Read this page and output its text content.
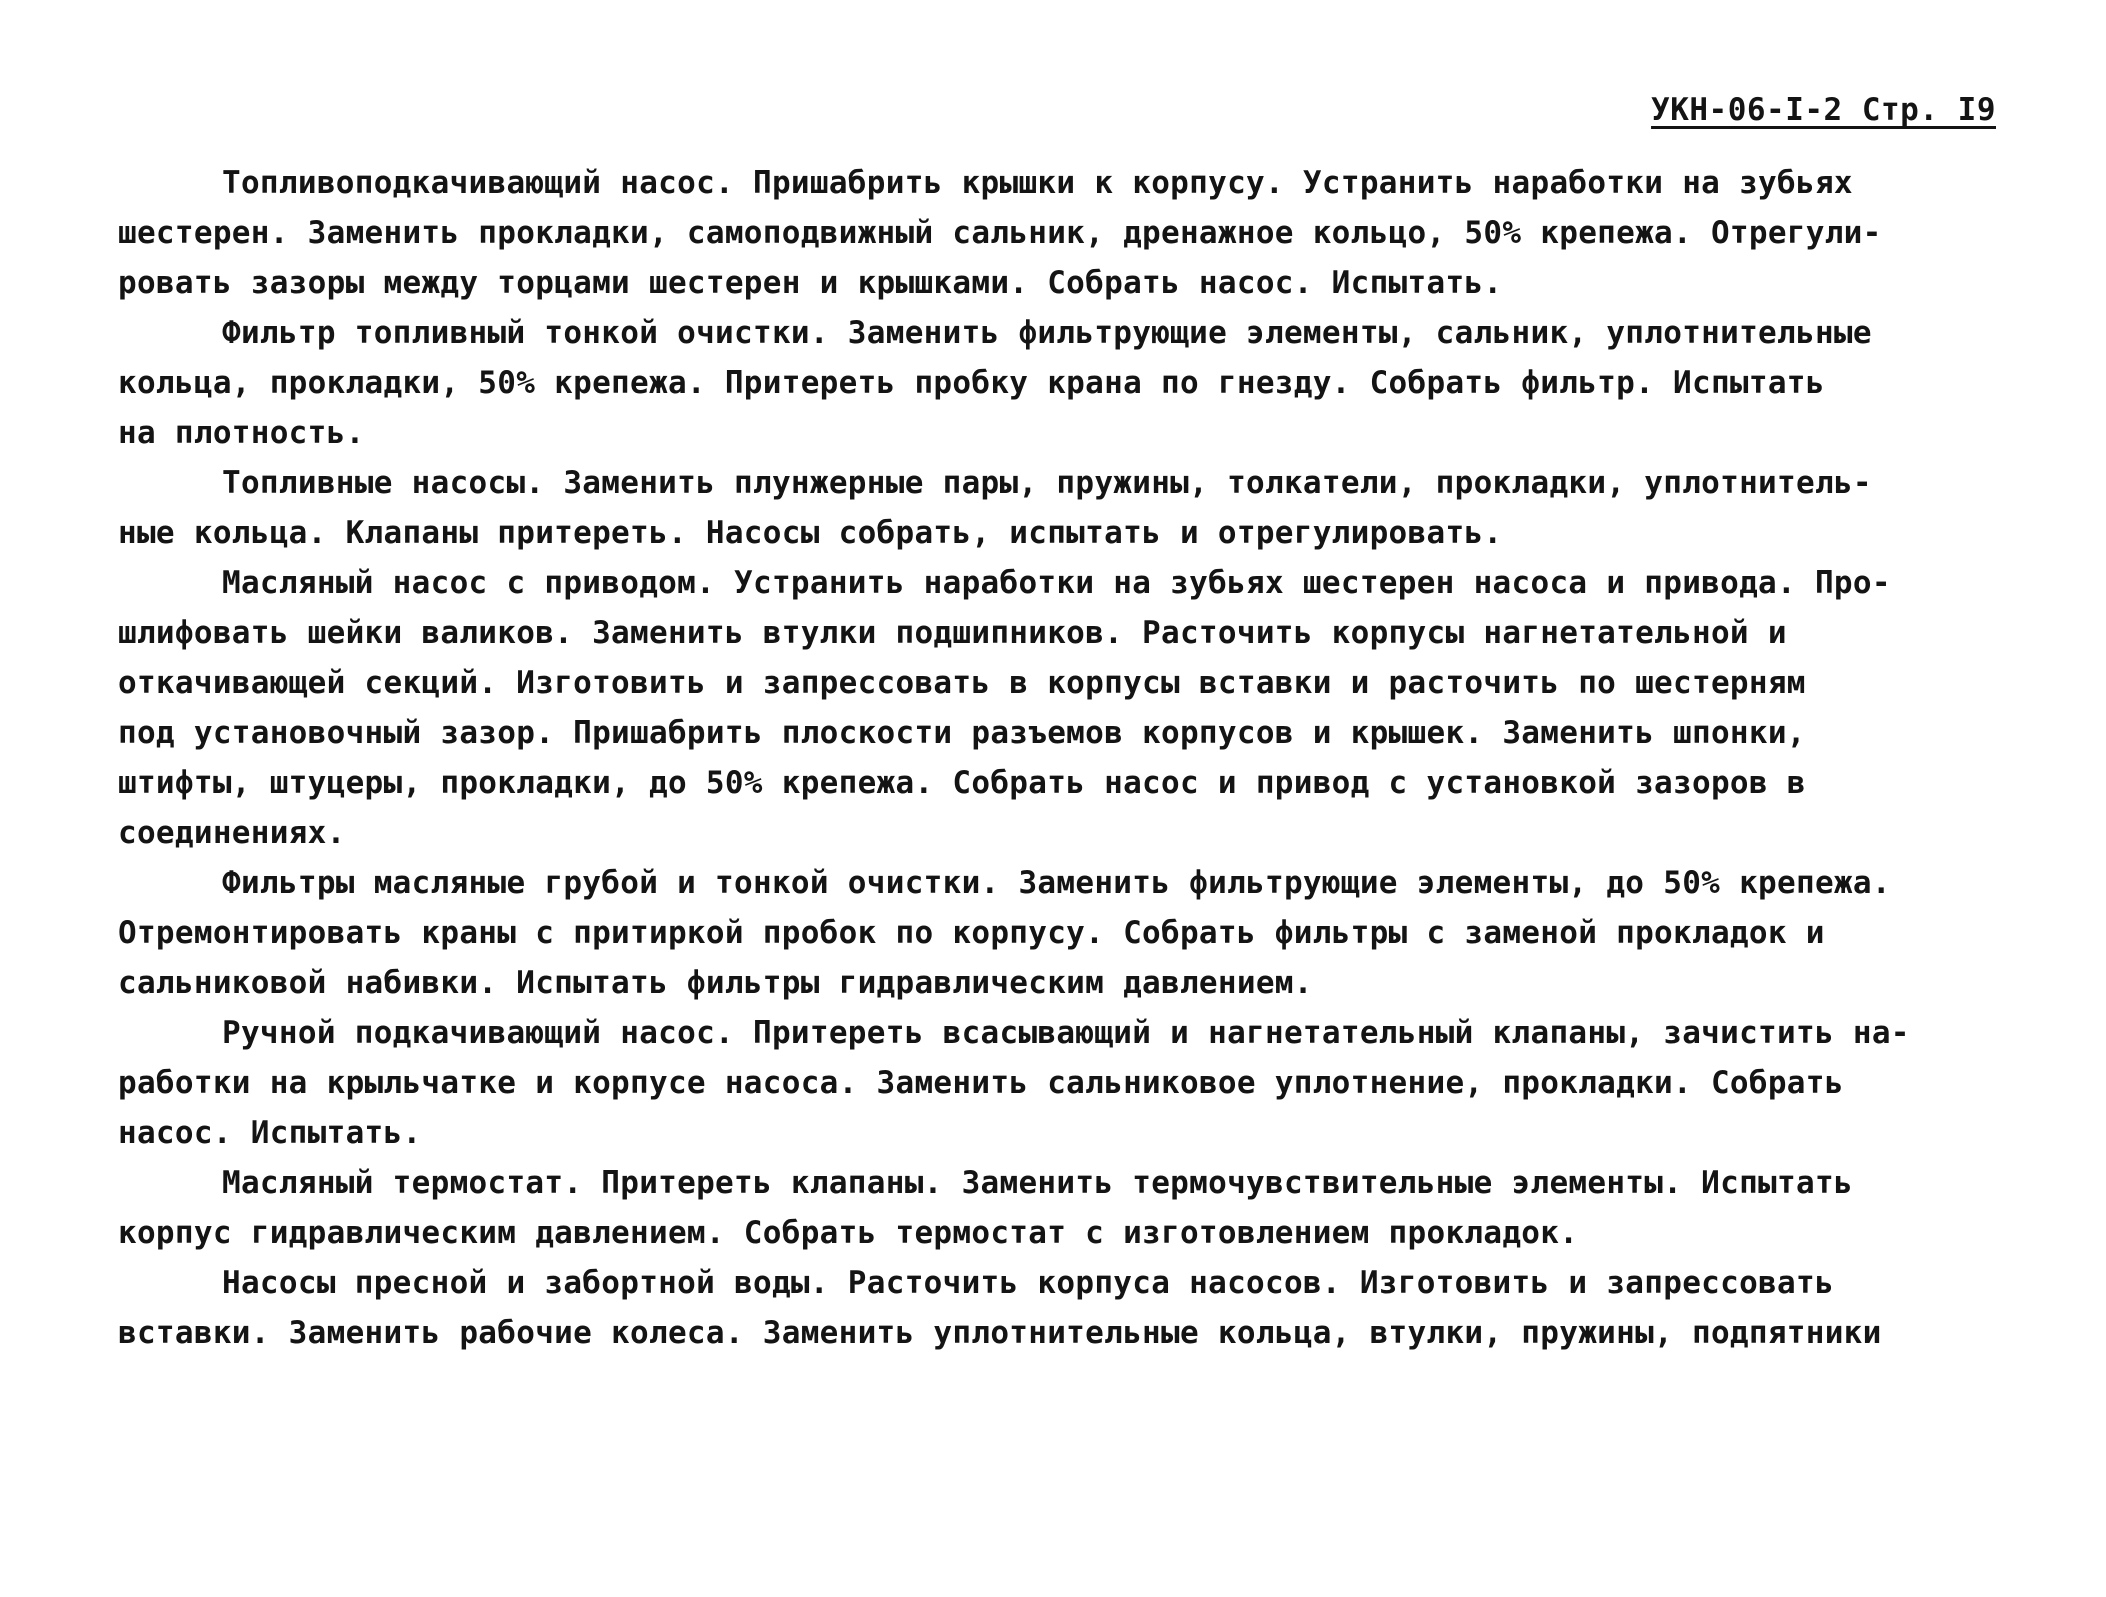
УКН-06-I-2 Стр. I9
Топливоподкачивающий насос. Пришабрить крышки к корпусу. Устранить наработки на зубьях
шестерен. Заменить прокладки, самоподвижный сальник, дренажное кольцо, 50% крепежа. Отрегули-
ровать зазоры между торцами шестерен и крышками. Собрать насос. Испытать.
Фильтр топливный тонкой очистки. Заменить фильтрующие элементы, сальник, уплотнительные
кольца, прокладки, 50% крепежа. Притереть пробку крана по гнезду. Собрать фильтр. Испытать
на плотность.
Топливные насосы. Заменить плунжерные пары, пружины, толкатели, прокладки, уплотнитель-
ные кольца. Клапаны притереть. Насосы собрать, испытать и отрегулировать.
Масляный насос с приводом. Устранить наработки на зубьях шестерен насоса и привода. Про-
шлифовать шейки валиков. Заменить втулки подшипников. Расточить корпусы нагнетательной и
откачивающей секций. Изготовить и запрессовать в корпусы вставки и расточить по шестерням
под установочный зазор. Пришабрить плоскости разъемов корпусов и крышек. Заменить шпонки,
штифты, штуцеры, прокладки, до 50% крепежа. Собрать насос и привод с установкой зазоров в
соединениях.
Фильтры масляные грубой и тонкой очистки. Заменить фильтрующие элементы, до 50% крепежа.
Отремонтировать краны с притиркой пробок по корпусу. Собрать фильтры с заменой прокладок и
сальниковой набивки. Испытать фильтры гидравлическим давлением.
Ручной подкачивающий насос. Притереть всасывающий и нагнетательный клапаны, зачистить на-
работки на крыльчатке и корпусе насоса. Заменить сальниковое уплотнение, прокладки. Собрать
насос. Испытать.
Масляный термостат. Притереть клапаны. Заменить термочувствительные элементы. Испытать
корпус гидравлическим давлением. Собрать термостат с изготовлением прокладок.
Насосы пресной и забортной воды. Расточить корпуса насосов. Изготовить и запрессовать
вставки. Заменить рабочие колеса. Заменить уплотнительные кольца, втулки, пружины, подпятники
